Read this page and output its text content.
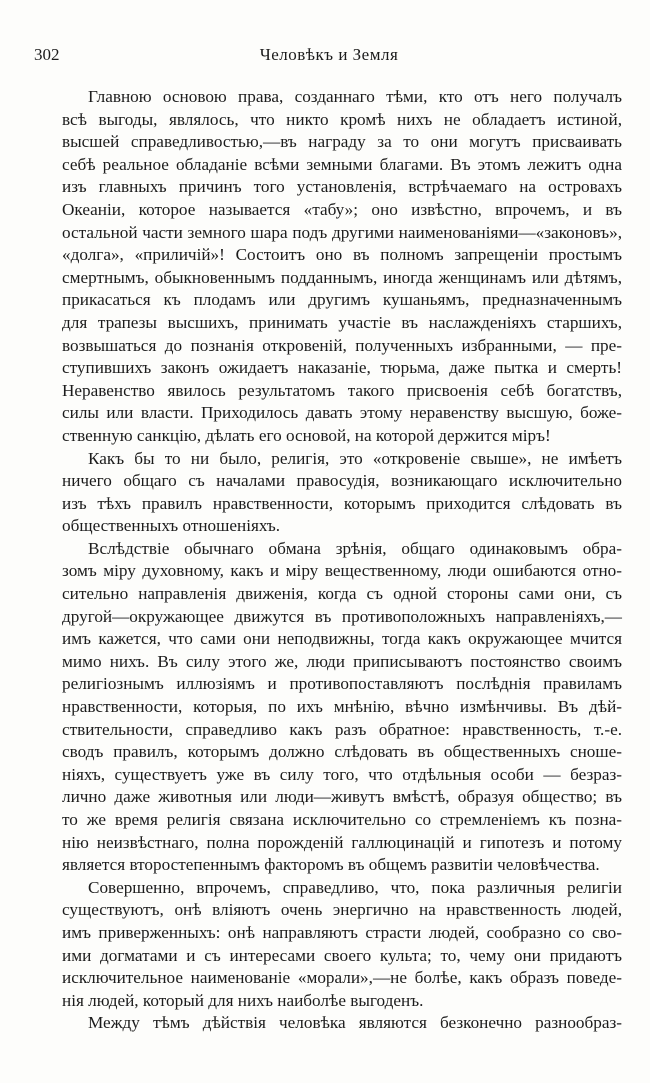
302	Человѣкъ и Земля
Главною основою права, созданнаго тѣми, кто отъ него получалъ
всѣ выгоды, являлось, что никто кромѣ нихъ не обладаетъ истиной,
высшей справедливостью,—въ награду за то они могутъ присваивать
себѣ реальное обладаніе всѣми земными благами. Въ этомъ лежитъ одна
изъ главныхъ причинъ того установленія, встрѣчаемаго на островахъ
Океаніи, которое называется «табу»; оно извѣстно, впрочемъ, и въ
остальной части земного шара подъ другими наименованіями—«законовъ»,
«долга», «приличій»! Состоитъ оно въ полномъ запрещеніи простымъ
смертнымъ, обыкновеннымъ подданнымъ, иногда женщинамъ или дѣтямъ,
прикасаться къ плодамъ или другимъ кушаньямъ, предназначеннымъ
для трапезы высшихъ, принимать участіе въ наслажденіяхъ старшихъ,
возвышаться до познанія откровеній, полученныхъ избранными, — пре-
ступившихъ законъ ожидаетъ наказаніе, тюрьма, даже пытка и смерть!
Неравенство явилось результатомъ такого присвоенія себѣ богатствъ,
силы или власти. Приходилось давать этому неравенству высшую, боже-
ственную санкцію, дѣлать его основой, на которой держится міръ!
Какъ бы то ни было, религія, это «откровеніе свыше», не имѣетъ
ничего общаго съ началами правосудія, возникающаго исключительно
изъ тѣхъ правилъ нравственности, которымъ приходится слѣдовать въ
общественныхъ отношеніяхъ.
Вслѣдствіе обычнаго обмана зрѣнія, общаго одинаковымъ обра-
зомъ міру духовному, какъ и міру вещественному, люди ошибаются отно-
сительно направленія движенія, когда съ одной стороны сами они, съ
другой—окружающее движутся въ противоположныхъ направленіяхъ,—
имъ кажется, что сами они неподвижны, тогда какъ окружающее мчится
мимо нихъ. Въ силу этого же, люди приписываютъ постоянство своимъ
религіознымъ иллюзіямъ и противопоставляютъ послѣднія правиламъ
нравственности, которыя, по ихъ мнѣнію, вѣчно измѣнчивы. Въ дѣй-
ствительности, справедливо какъ разъ обратное: нравственность, т.-е.
сводъ правилъ, которымъ должно слѣдовать въ общественныхъ сноше-
ніяхъ, существуетъ уже въ силу того, что отдѣльныя особи — безраз-
лично даже животныя или люди—живутъ вмѣстѣ, образуя общество; въ
то же время религія связана исключительно со стремленіемъ къ позна-
нію неизвѣстнаго, полна порожденій галлюцинацій и гипотезъ и потому
является второстепеннымъ факторомъ въ общемъ развитіи человѣчества.
Совершенно, впрочемъ, справедливо, что, пока различныя религіи
существуютъ, онѣ вліяютъ очень энергично на нравственность людей,
имъ приверженныхъ: онѣ направляютъ страсти людей, сообразно со сво-
ими догматами и съ интересами своего культа; то, чему они придаютъ
исключительное наименованіе «морали»,—не болѣе, какъ образъ поведе-
нія людей, который для нихъ наиболѣе выгоденъ.
Между тѣмъ дѣйствія человѣка являются безконечно разнообраз-
